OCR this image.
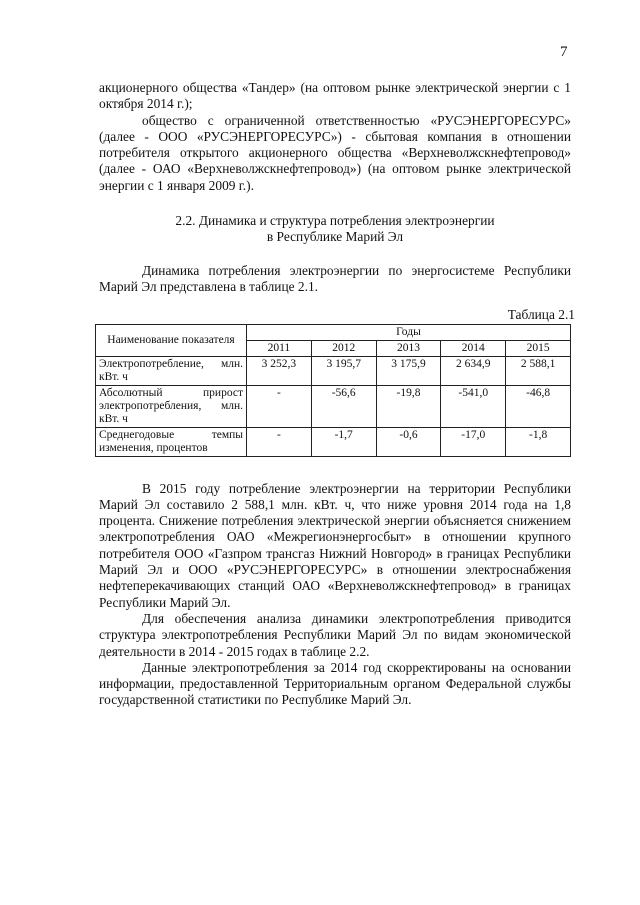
7

акционерного общества «Тандер» (на оптовом рынке электрической энергии с 1 октября 2014 г.);

общество с ограниченной ответственностью «РУСЭНЕРГОРЕСУРС» (далее - ООО «РУСЭНЕРГОРЕСУРС») - сбытовая компания в отношении потребителя открытого акционерного общества «Верхневолжскнефтепровод» (далее - ОАО «Верхневолжскнефтепровод») (на оптовом рынке электрической энергии с 1 января 2009 г.).

2.2. Динамика и структура потребления электроэнергии
в Республике Марий Эл

Динамика потребления электроэнергии по энергосистеме Республики Марий Эл представлена в таблице 2.1.

Таблица 2.1

Наименование показателя	Годы				
	2011	2012	2013	2014	2015
Электропотребление, млн. кВт. ч	3 252,3	3 195,7	3 175,9	2 634,9	2 588,1
Абсолютный прирост электропотребления, млн. кВт. ч	-	-56,6	-19,8	-541,0	-46,8
Среднегодовые темпы изменения, процентов	-	-1,7	-0,6	-17,0	-1,8

В 2015 году потребление электроэнергии на территории Республики Марий Эл составило 2 588,1 млн. кВт. ч, что ниже уровня 2014 года на 1,8 процента. Снижение потребления электрической энергии объясняется снижением электропотребления ОАО «Межрегионэнергосбыт» в отношении крупного потребителя ООО «Газпром трансгаз Нижний Новгород» в границах Республики Марий Эл и ООО «РУСЭНЕРГОРЕСУРС» в отношении электроснабжения нефтеперекачивающих станций ОАО «Верхневолжскнефтепровод» в границах Республики Марий Эл.

Для обеспечения анализа динамики электропотребления приводится структура электропотребления Республики Марий Эл по видам экономической деятельности в 2014 - 2015 годах в таблице 2.2.

Данные электропотребления за 2014 год скорректированы на основании информации, предоставленной Территориальным органом Федеральной службы государственной статистики по Республике Марий Эл.
